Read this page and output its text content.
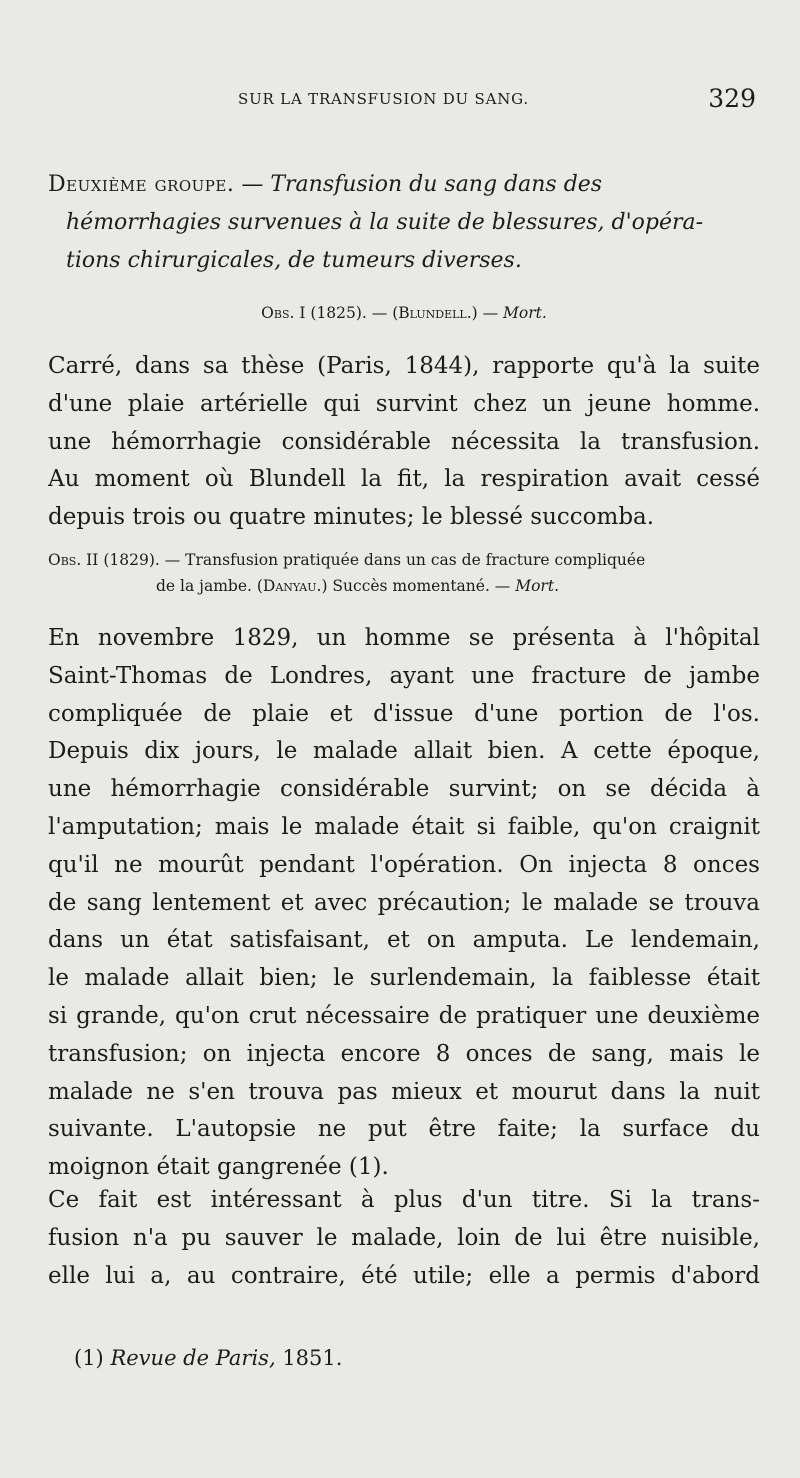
SUR LA TRANSFUSION DU SANG.	329
Deuxième groupe. — Transfusion du sang dans des
hémorrhagies survenues à la suite de blessures, d'opéra-
tions chirurgicales, de tumeurs diverses.
Obs. I (1825). — (Blundell.) — Mort.
Carré, dans sa thèse (Paris, 1844), rapporte qu'à la suite
d'une plaie artérielle qui survint chez un jeune homme.
une hémorrhagie considérable nécessita la transfusion.
Au moment où Blundell la fit, la respiration avait cessé
depuis trois ou quatre minutes; le blessé succomba.
Obs. II (1829). — Transfusion pratiquée dans un cas de fracture compliquée
de la jambe. (Danyau.) Succès momentané. — Mort.
En novembre 1829, un homme se présenta à l'hôpital
Saint-Thomas de Londres, ayant une fracture de jambe
compliquée de plaie et d'issue d'une portion de l'os.
Depuis dix jours, le malade allait bien. A cette époque,
une hémorrhagie considérable survint; on se décida à
l'amputation; mais le malade était si faible, qu'on craignit
qu'il ne mourût pendant l'opération. On injecta 8 onces
de sang lentement et avec précaution; le malade se trouva
dans un état satisfaisant, et on amputa. Le lendemain,
le malade allait bien; le surlendemain, la faiblesse était
si grande, qu'on crut nécessaire de pratiquer une deuxième
transfusion; on injecta encore 8 onces de sang, mais le
malade ne s'en trouva pas mieux et mourut dans la nuit
suivante. L'autopsie ne put être faite; la surface du
moignon était gangrenée (1).
Ce fait est intéressant à plus d'un titre. Si la trans-
fusion n'a pu sauver le malade, loin de lui être nuisible,
elle lui a, au contraire, été utile; elle a permis d'abord
(1) Revue de Paris, 1851.
